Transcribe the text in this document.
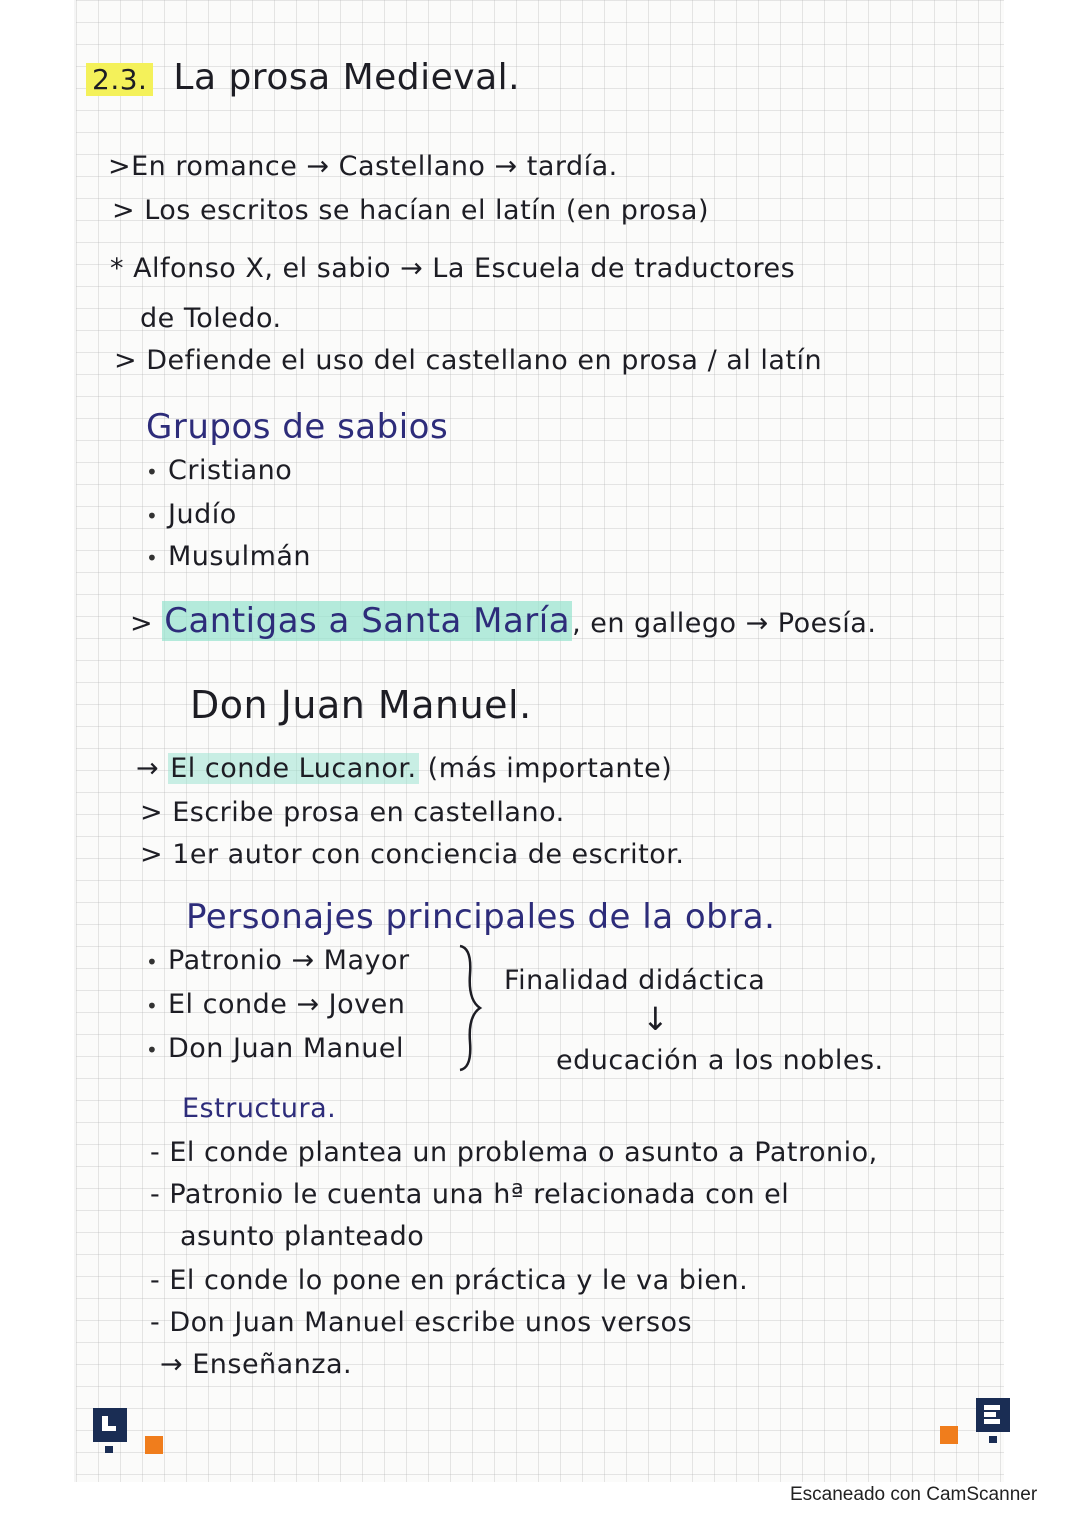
2.3. La prosa Medieval.
>En romance → Castellano → tardía.
> Los escritos se hacían el latín (en prosa)
* Alfonso X, el sabio → La Escuela de traductores
de Toledo.
> Defiende el uso del castellano en prosa / al latín
Grupos de sabios
• Cristiano
• Judío
• Musulmán
> Cantigas a Santa María, en gallego → Poesía.
Don Juan Manuel.
→ El conde Lucanor. (más importante)
> Escribe prosa en castellano.
> 1er autor con conciencia de escritor.
Personajes principales de la obra.
• Patronio → Mayor
• El conde → Joven
• Don Juan Manuel
Finalidad didáctica
↓
educación a los nobles.
Estructura.
- El conde plantea un problema o asunto a Patronio,
- Patronio le cuenta una hª relacionada con el
asunto planteado
- El conde lo pone en práctica y le va bien.
- Don Juan Manuel escribe unos versos
→ Enseñanza.
Escaneado con CamScanner
